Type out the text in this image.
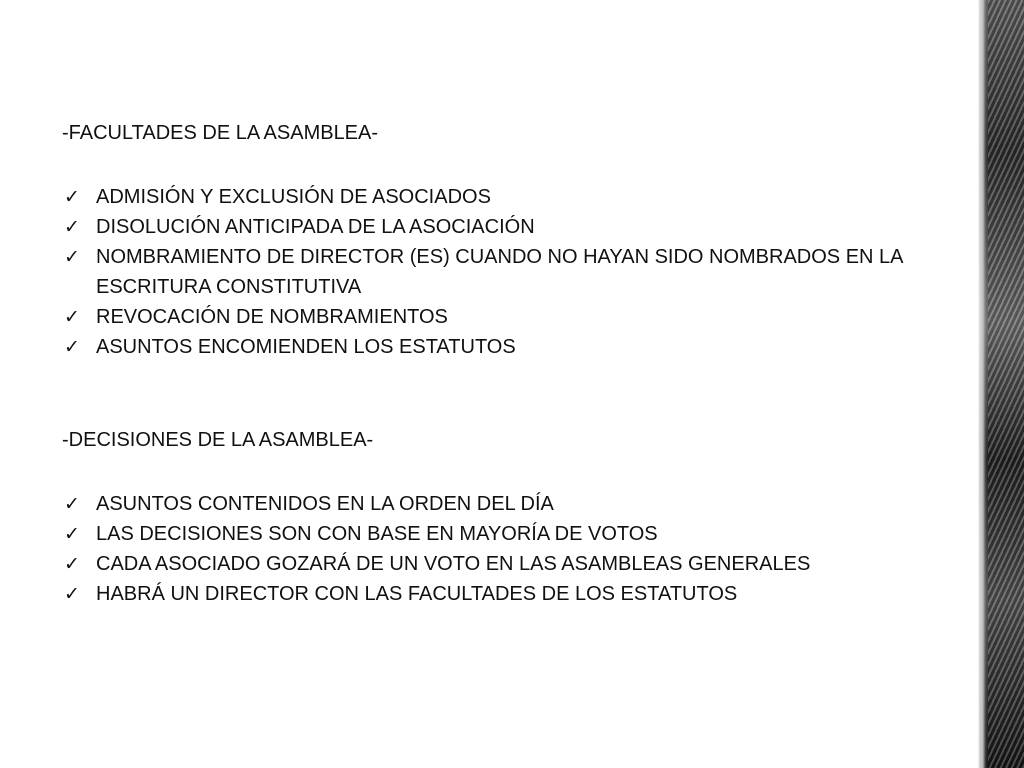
-FACULTADES DE LA ASAMBLEA-
✓ ADMISIÓN Y EXCLUSIÓN DE ASOCIADOS
✓ DISOLUCIÓN ANTICIPADA DE LA ASOCIACIÓN
✓ NOMBRAMIENTO DE DIRECTOR (ES) CUANDO NO HAYAN SIDO NOMBRADOS EN LA ESCRITURA CONSTITUTIVA
✓ REVOCACIÓN DE NOMBRAMIENTOS
✓ ASUNTOS ENCOMIENDEN LOS ESTATUTOS
-DECISIONES DE LA ASAMBLEA-
✓ ASUNTOS CONTENIDOS EN LA ORDEN DEL DÍA
✓ LAS DECISIONES SON CON BASE EN MAYORÍA DE VOTOS
✓ CADA ASOCIADO GOZARÁ DE UN VOTO EN LAS ASAMBLEAS GENERALES
✓ HABRÁ UN DIRECTOR CON LAS FACULTADES DE LOS ESTATUTOS
